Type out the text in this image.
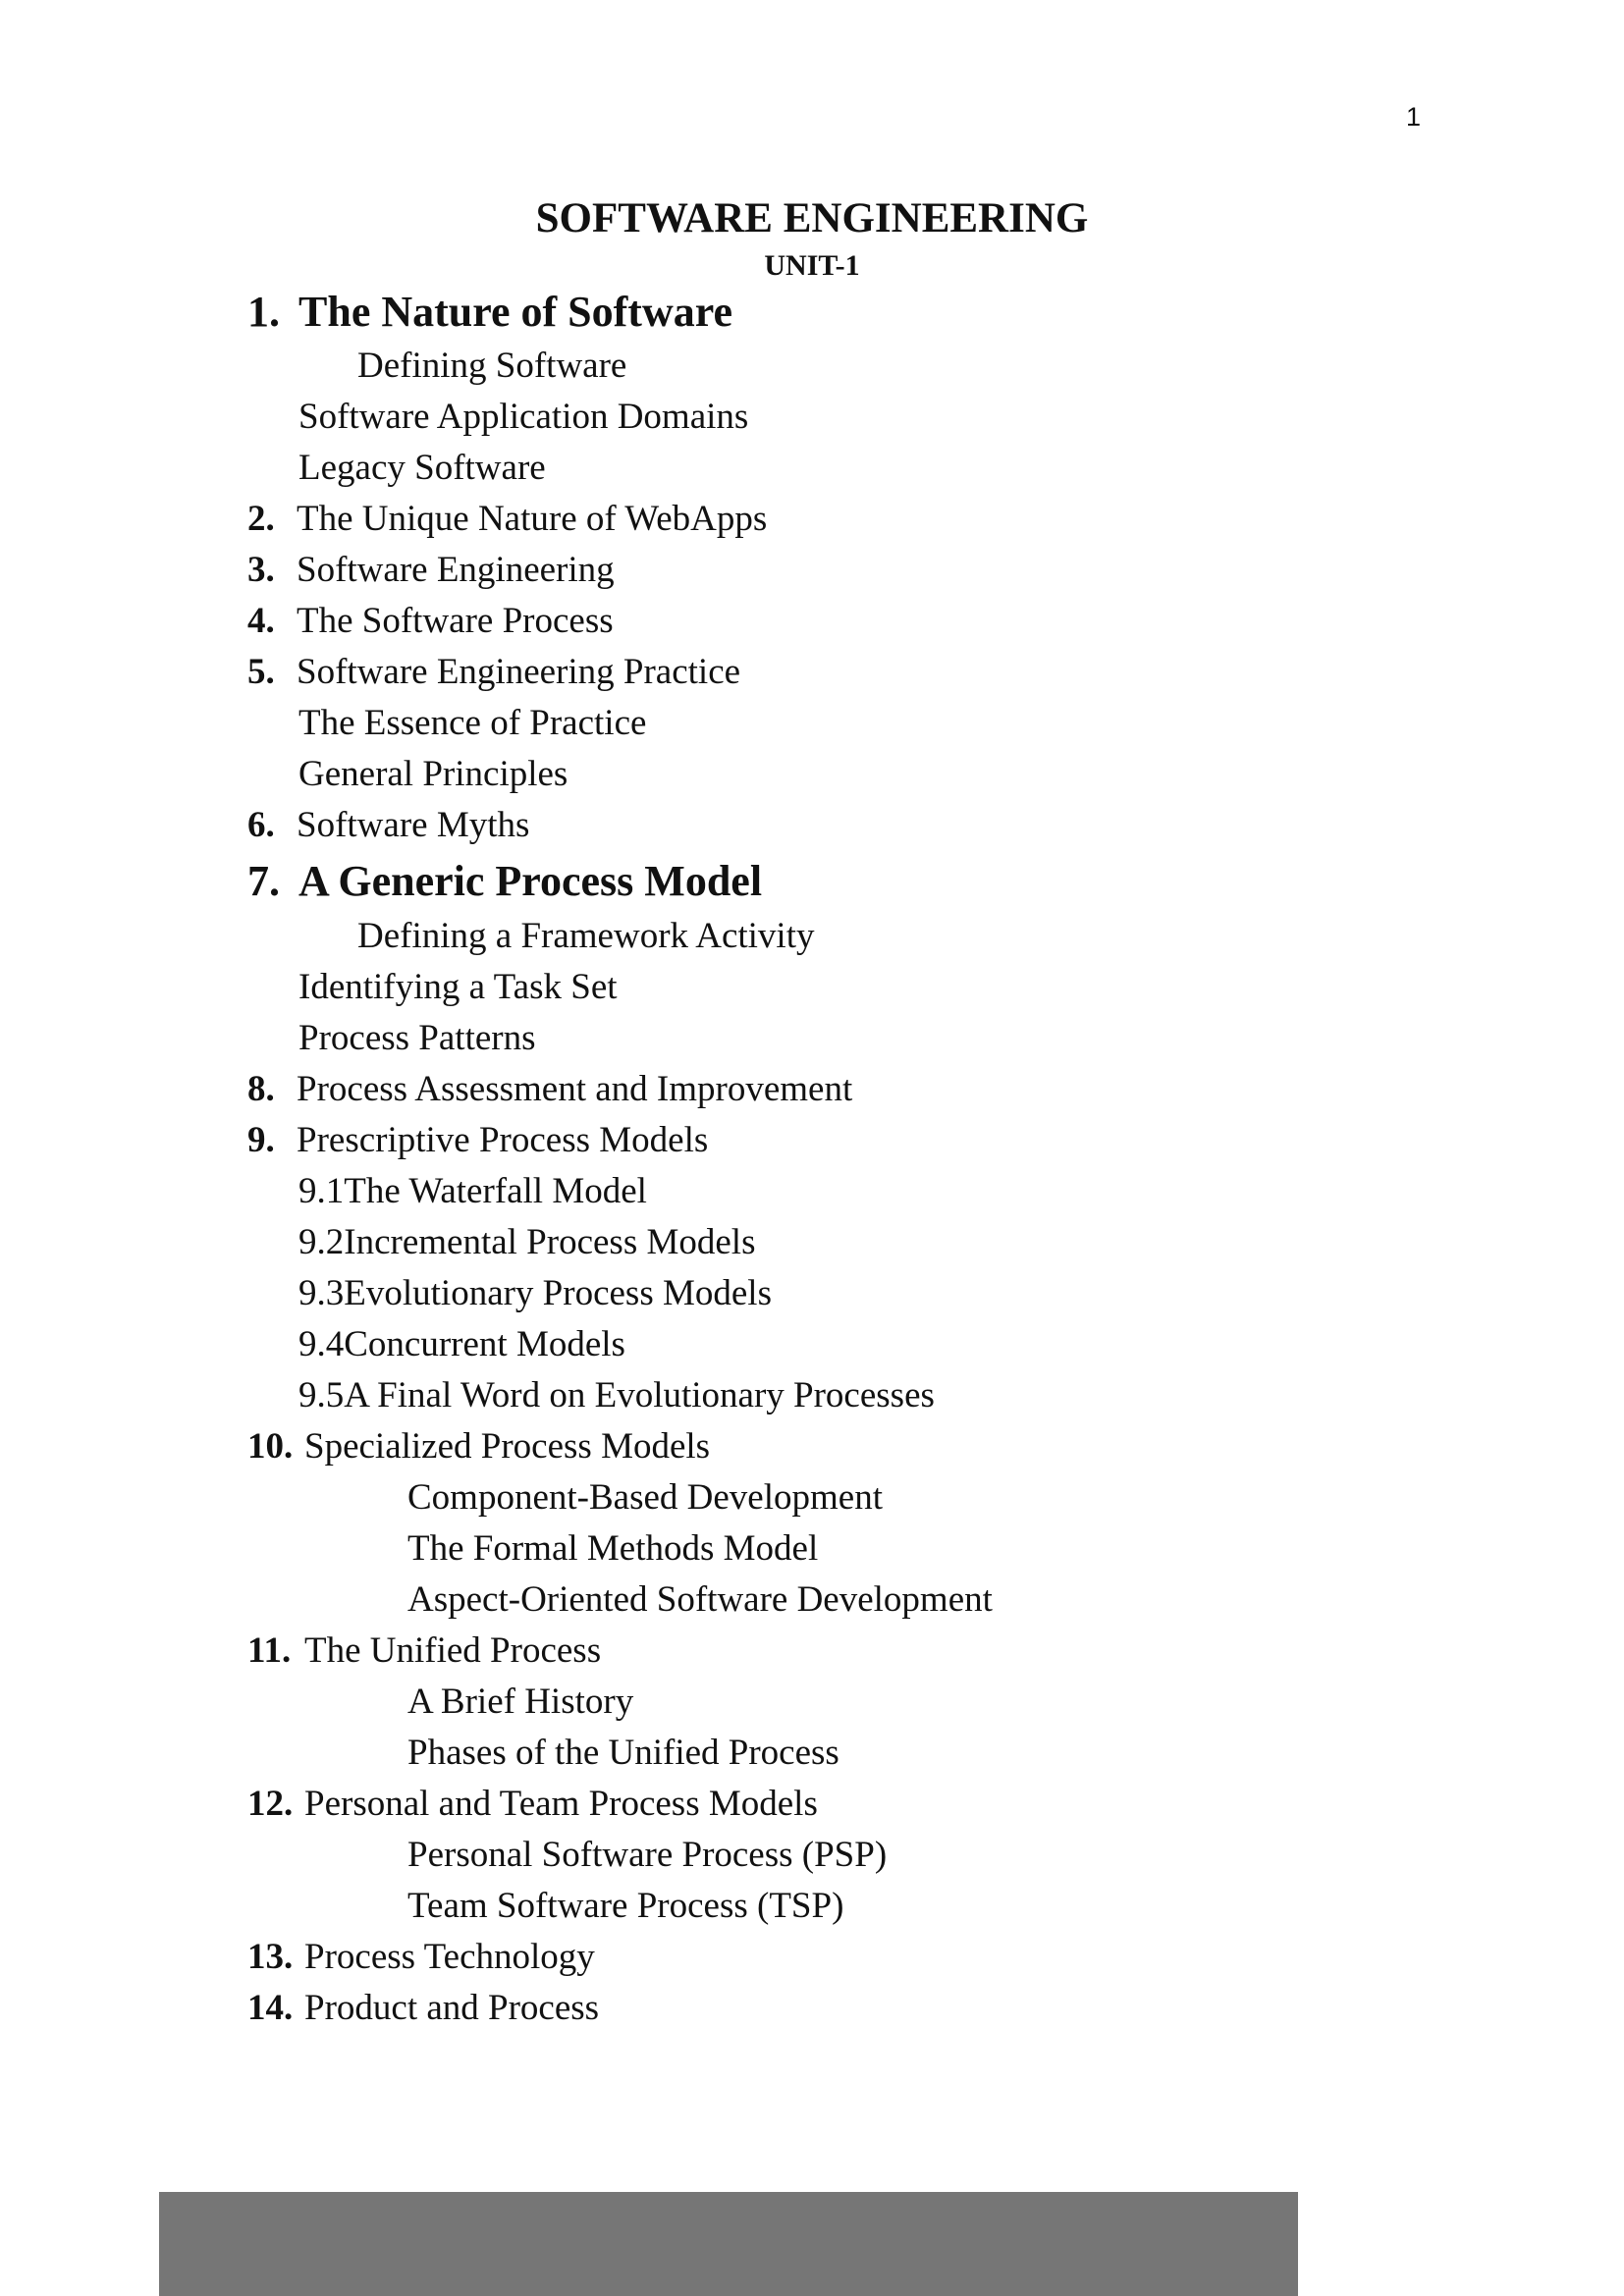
1
SOFTWARE ENGINEERING
UNIT-1
1. The Nature of Software
Defining Software
Software Application Domains
Legacy Software
2. The Unique Nature of WebApps
3. Software Engineering
4. The Software Process
5. Software Engineering Practice
The Essence of Practice
General Principles
6. Software Myths
7. A Generic Process Model
Defining a Framework Activity
Identifying a Task Set
Process Patterns
8. Process Assessment and Improvement
9. Prescriptive Process Models
9.1The Waterfall Model
9.2Incremental Process Models
9.3Evolutionary Process Models
9.4Concurrent Models
9.5A Final Word on Evolutionary Processes
10. Specialized Process Models
Component-Based Development
The Formal Methods Model
Aspect-Oriented Software Development
11. The Unified Process
A Brief History
Phases of the Unified Process
12. Personal and Team Process Models
Personal Software Process (PSP)
Team Software Process (TSP)
13. Process Technology
14. Product and Process
